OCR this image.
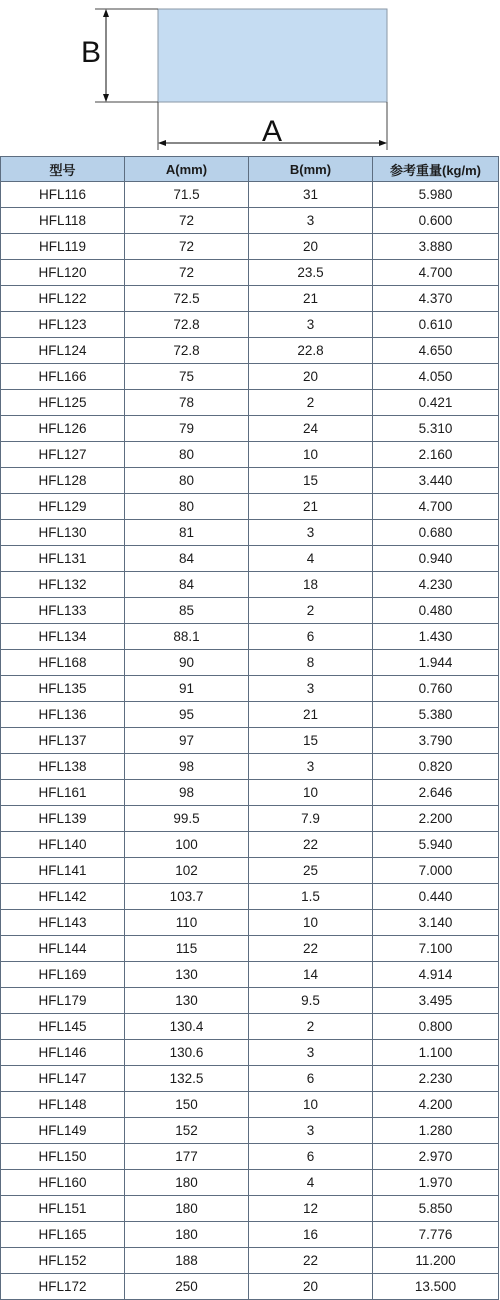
B
A
型号	A(mm)	B(mm)	参考重量(kg/m)
HFL116	71.5	31	5.980
HFL118	72	3	0.600
HFL119	72	20	3.880
HFL120	72	23.5	4.700
HFL122	72.5	21	4.370
HFL123	72.8	3	0.610
HFL124	72.8	22.8	4.650
HFL166	75	20	4.050
HFL125	78	2	0.421
HFL126	79	24	5.310
HFL127	80	10	2.160
HFL128	80	15	3.440
HFL129	80	21	4.700
HFL130	81	3	0.680
HFL131	84	4	0.940
HFL132	84	18	4.230
HFL133	85	2	0.480
HFL134	88.1	6	1.430
HFL168	90	8	1.944
HFL135	91	3	0.760
HFL136	95	21	5.380
HFL137	97	15	3.790
HFL138	98	3	0.820
HFL161	98	10	2.646
HFL139	99.5	7.9	2.200
HFL140	100	22	5.940
HFL141	102	25	7.000
HFL142	103.7	1.5	0.440
HFL143	110	10	3.140
HFL144	115	22	7.100
HFL169	130	14	4.914
HFL179	130	9.5	3.495
HFL145	130.4	2	0.800
HFL146	130.6	3	1.100
HFL147	132.5	6	2.230
HFL148	150	10	4.200
HFL149	152	3	1.280
HFL150	177	6	2.970
HFL160	180	4	1.970
HFL151	180	12	5.850
HFL165	180	16	7.776
HFL152	188	22	11.200
HFL172	250	20	13.500
